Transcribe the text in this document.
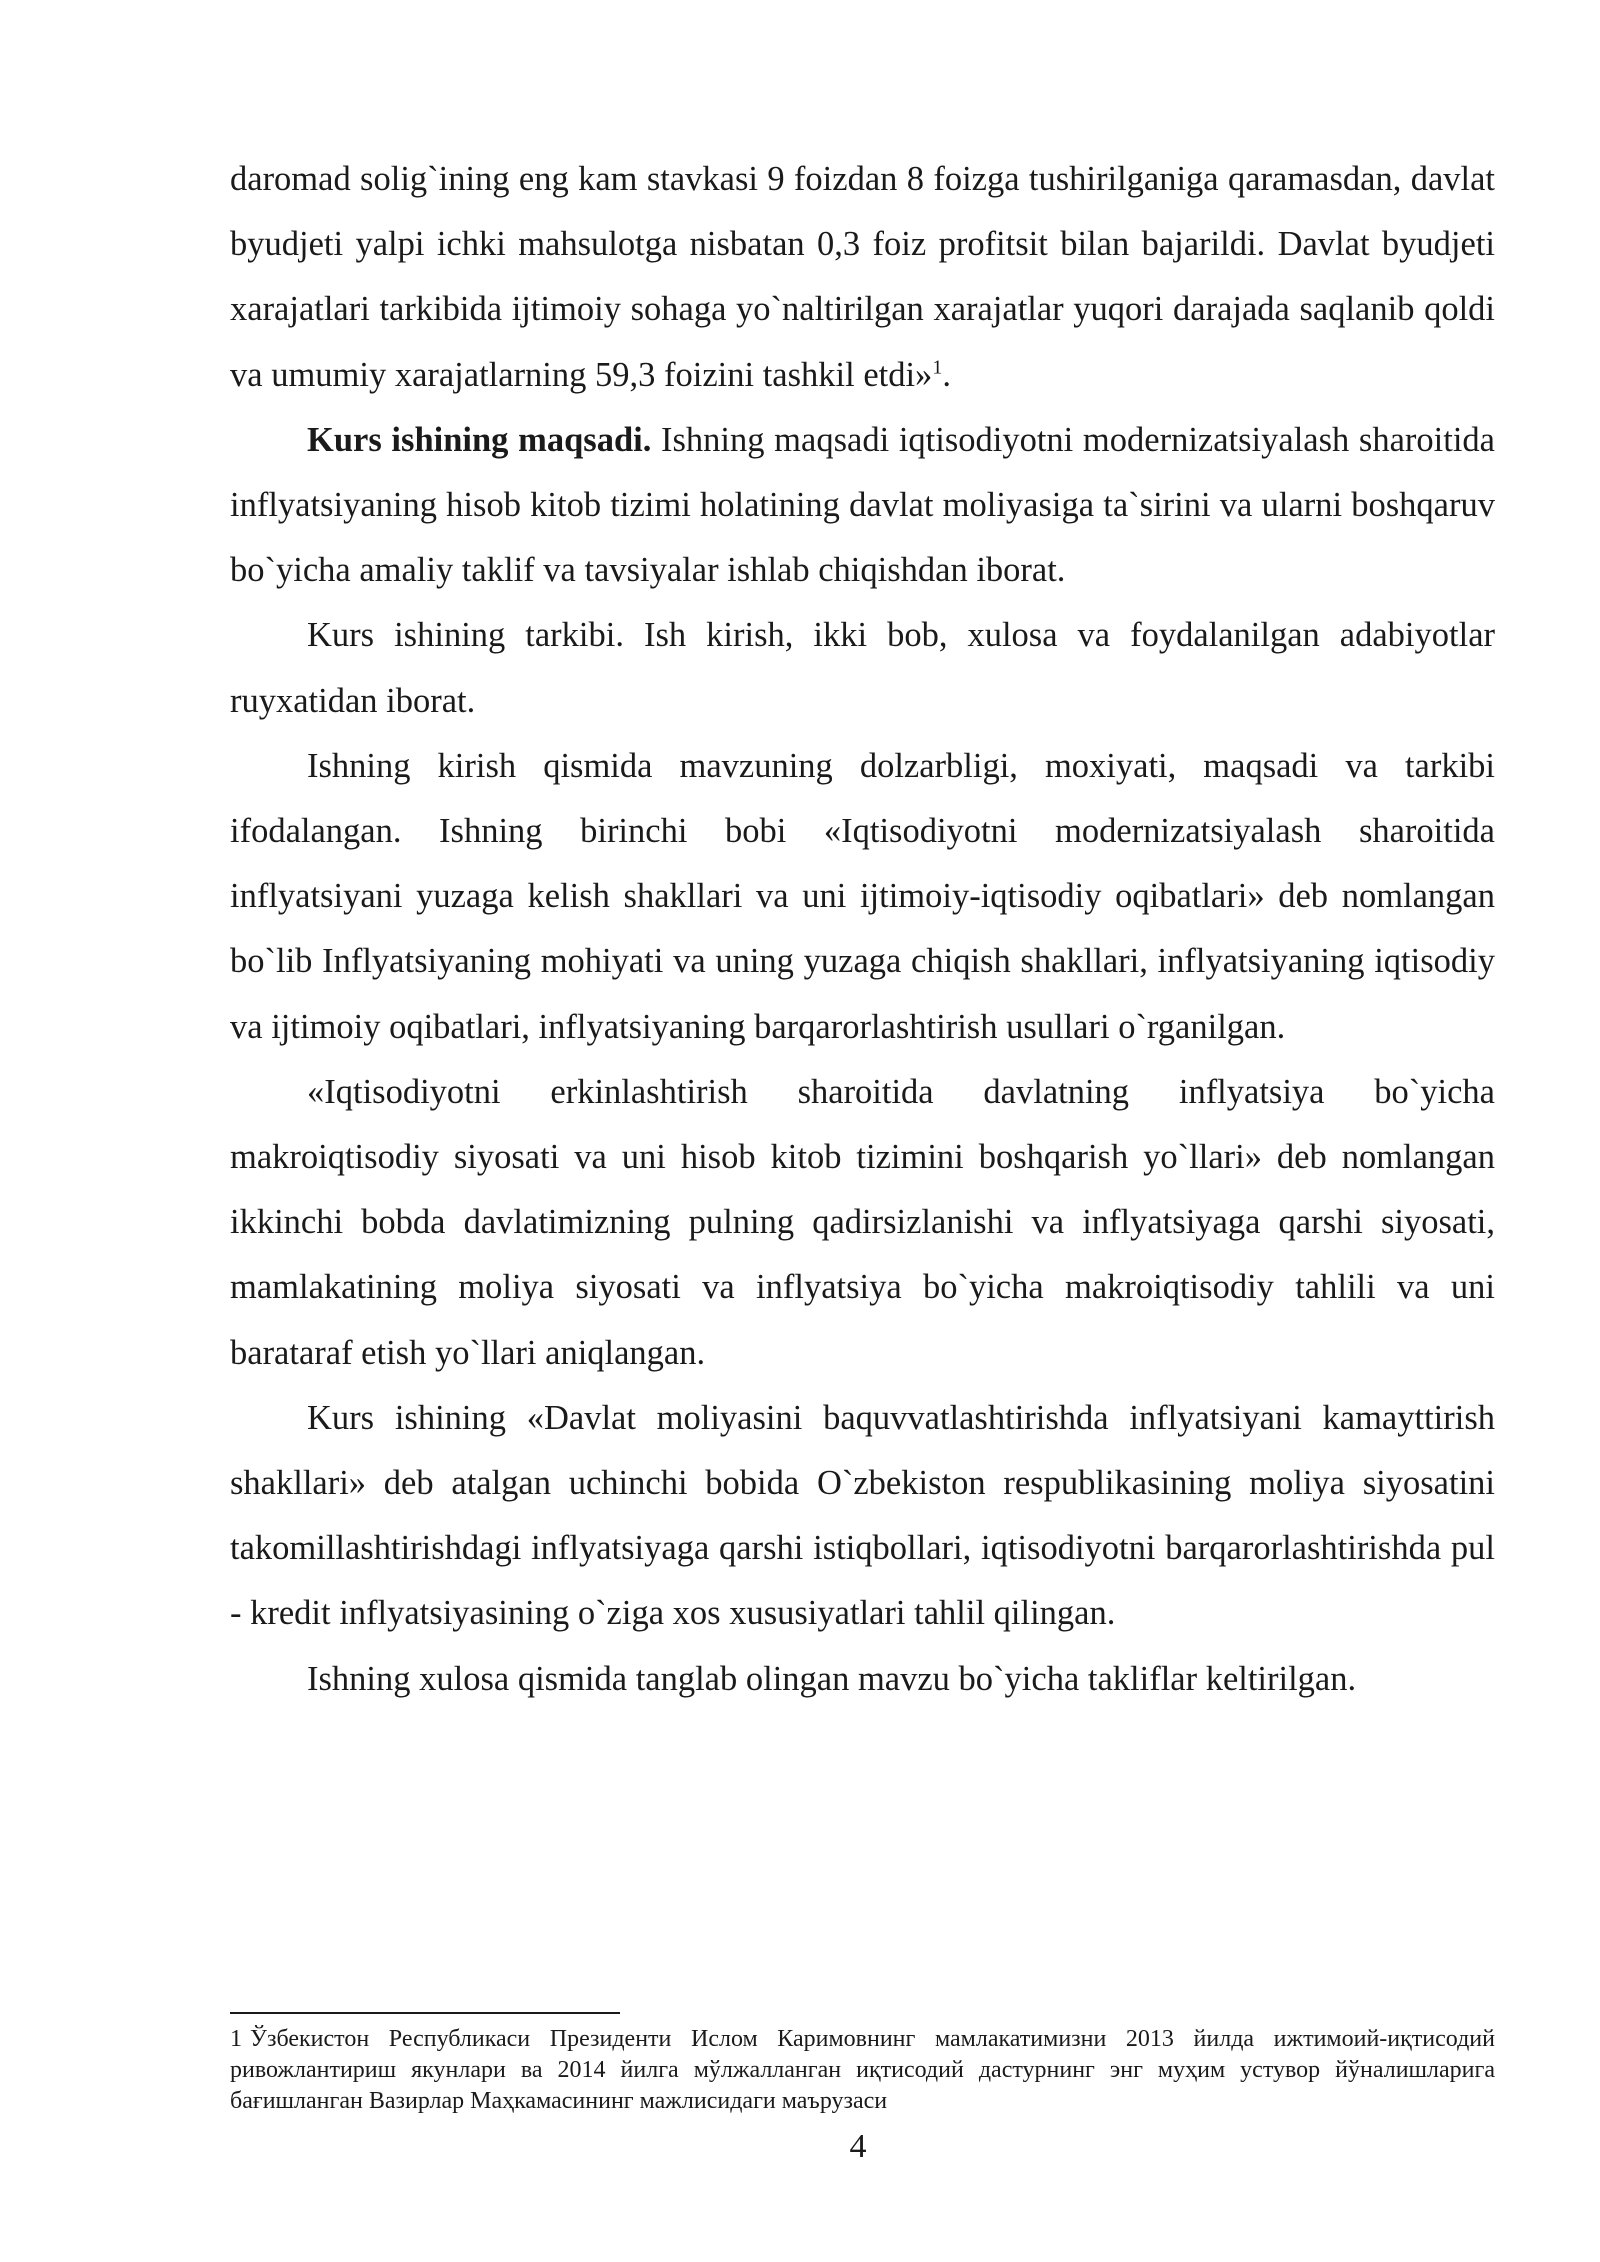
daromad solig`ining eng kam stavkasi 9 foizdan 8 foizga tushirilganiga qaramasdan, davlat byudjeti yalpi ichki mahsulotga nisbatan 0,3 foiz profitsit bilan bajarildi. Davlat byudjeti xarajatlari tarkibida ijtimoiy sohaga yo`naltirilgan xarajatlar yuqori darajada saqlanib qoldi va umumiy xarajatlarning 59,3 foizini tashkil etdi»$^1$.

Kurs ishining maqsadi. Ishning maqsadi iqtisodiyotni modernizatsiyalash sharoitida inflyatsiyaning hisob kitob tizimi holatining davlat moliyasiga ta`sirini va ularni boshqaruv bo`yicha amaliy taklif va tavsiyalar ishlab chiqishdan iborat.

Kurs ishining tarkibi. Ish kirish, ikki bob, xulosa va foydalanilgan adabiyotlar ruyxatidan iborat.

Ishning kirish qismida mavzuning dolzarbligi, moxiyati, maqsadi va tarkibi ifodalangan. Ishning birinchi bobi «Iqtisodiyotni modernizatsiyalash sharoitida inflyatsiyani yuzaga kelish shakllari va uni ijtimoiy-iqtisodiy oqibatlari» deb nomlangan bo`lib Inflyatsiyaning mohiyati va uning yuzaga chiqish shakllari, inflyatsiyaning iqtisodiy va ijtimoiy oqibatlari, inflyatsiyaning barqarorlashtirish usullari o`rganilgan.

«Iqtisodiyotni erkinlashtirish sharoitida davlatning inflyatsiya bo`yicha makroiqtisodiy siyosati va uni hisob kitob tizimini boshqarish yo`llari» deb nomlangan ikkinchi bobda davlatimizning pulning qadirsizlanishi va inflyatsiyaga qarshi siyosati, mamlakatining moliya siyosati va inflyatsiya bo`yicha makroiqtisodiy tahlili va uni barataraf etish yo`llari aniqlangan.

Kurs ishining «Davlat moliyasini baquvvatlashtirishda inflyatsiyani kamayttirish shakllari» deb atalgan uchinchi bobida O`zbekiston respublikasining moliya siyosatini takomillashtirishdagi inflyatsiyaga qarshi istiqbollari, iqtisodiyotni barqarorlashtirishda pul - kredit inflyatsiyasining o`ziga xos xususiyatlari tahlil qilingan.

Ishning xulosa qismida tanglab olingan mavzu bo`yicha takliflar keltirilgan.

1 Ўзбекистон Республикаси Президенти Ислом Каримовнинг мамлакатимизни 2013 йилда ижтимоий-иқтисодий ривожлантириш якунлари ва 2014 йилга мўлжалланган иқтисодий дастурнинг энг муҳим устувор йўналишларига бағишланган Вазирлар Маҳкамасининг мажлисидаги маърузаси
4
